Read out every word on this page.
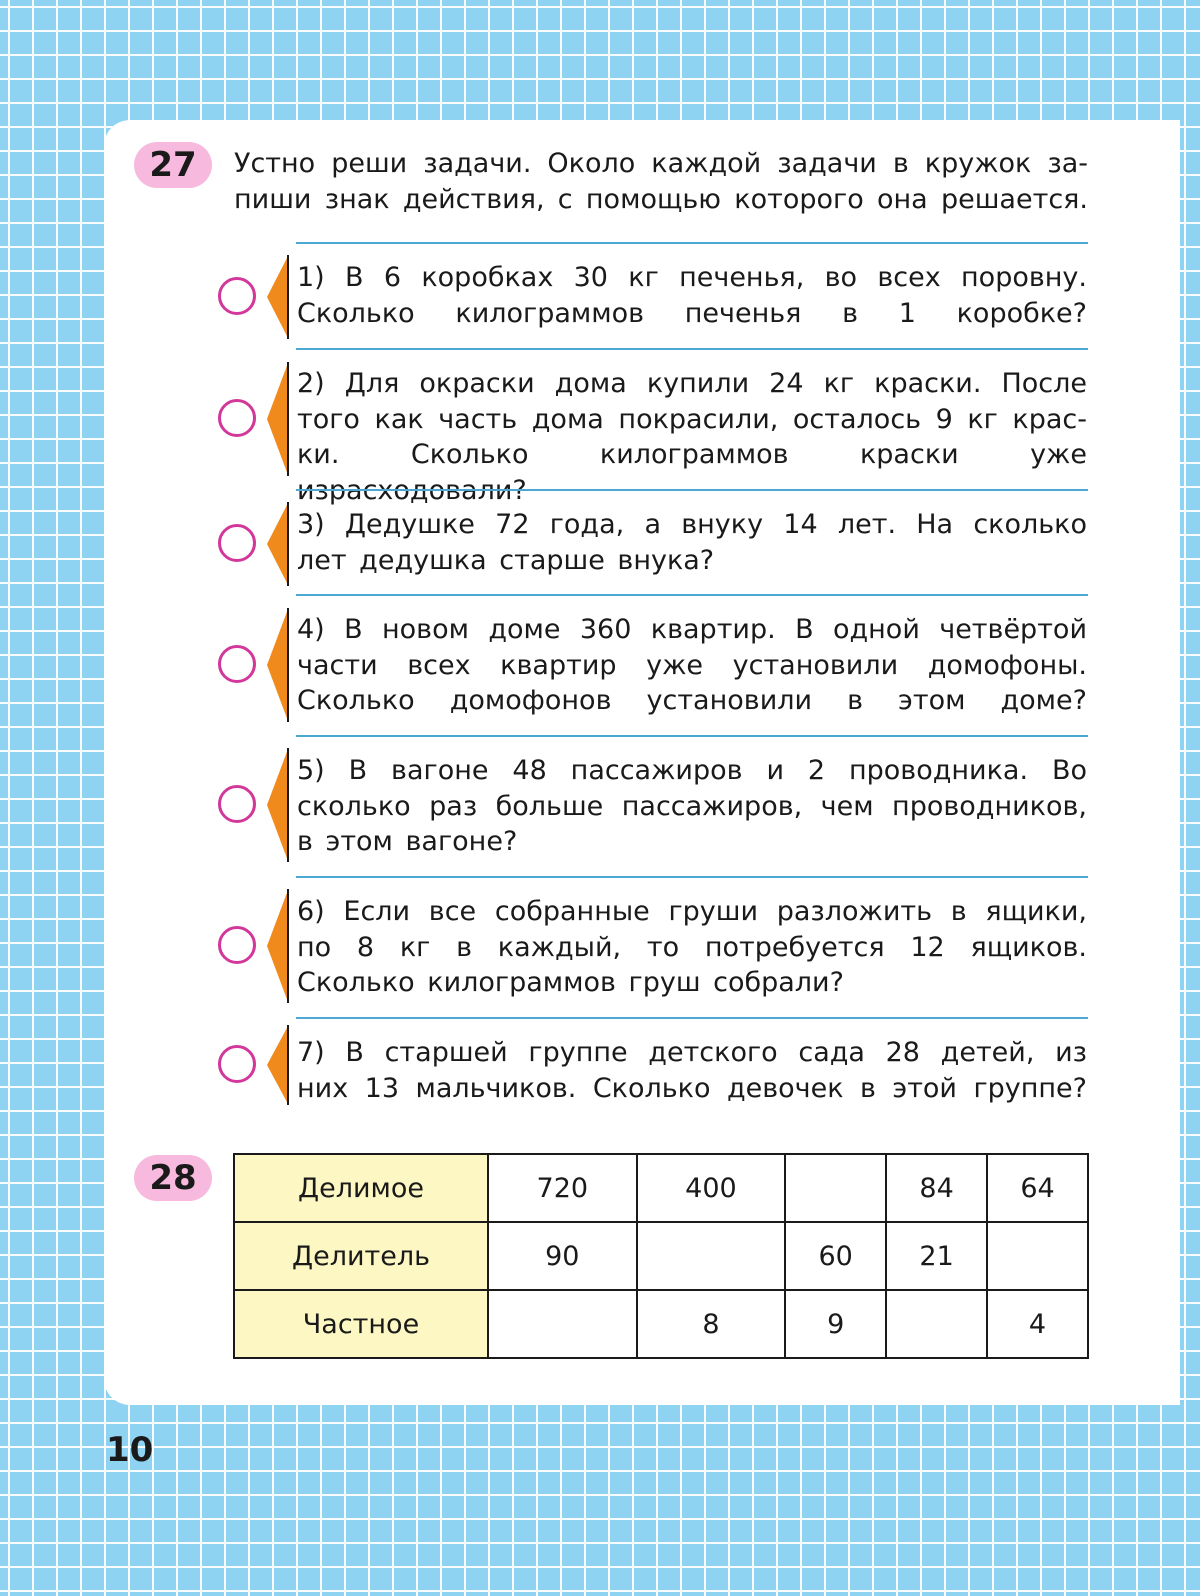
27	Устно реши задачи. Около каждой задачи в кружок за-
пиши знак действия, с помощью которого она решается.
1) В 6 коробках 30 кг печенья, во всех поровну.
Сколько килограммов печенья в 1 коробке?
2) Для окраски дома купили 24 кг краски. После
того как часть дома покрасили, осталось 9 кг крас-
ки. Сколько килограммов краски уже израсходовали?
3) Дедушке 72 года, а внуку 14 лет. На сколько
лет дедушка старше внука?
4) В новом доме 360 квартир. В одной четвёртой
части всех квартир уже установили домофоны.
Сколько домофонов установили в этом доме?
5) В вагоне 48 пассажиров и 2 проводника. Во
сколько раз больше пассажиров, чем проводников,
в этом вагоне?
6) Если все собранные груши разложить в ящики,
по 8 кг в каждый, то потребуется 12 ящиков.
Сколько килограммов груш собрали?
7) В старшей группе детского сада 28 детей, из
них 13 мальчиков. Сколько девочек в этой группе?
28	Делимое	720	400		84	64
Делитель	90		60	21	
Частное		8	9		4
10
